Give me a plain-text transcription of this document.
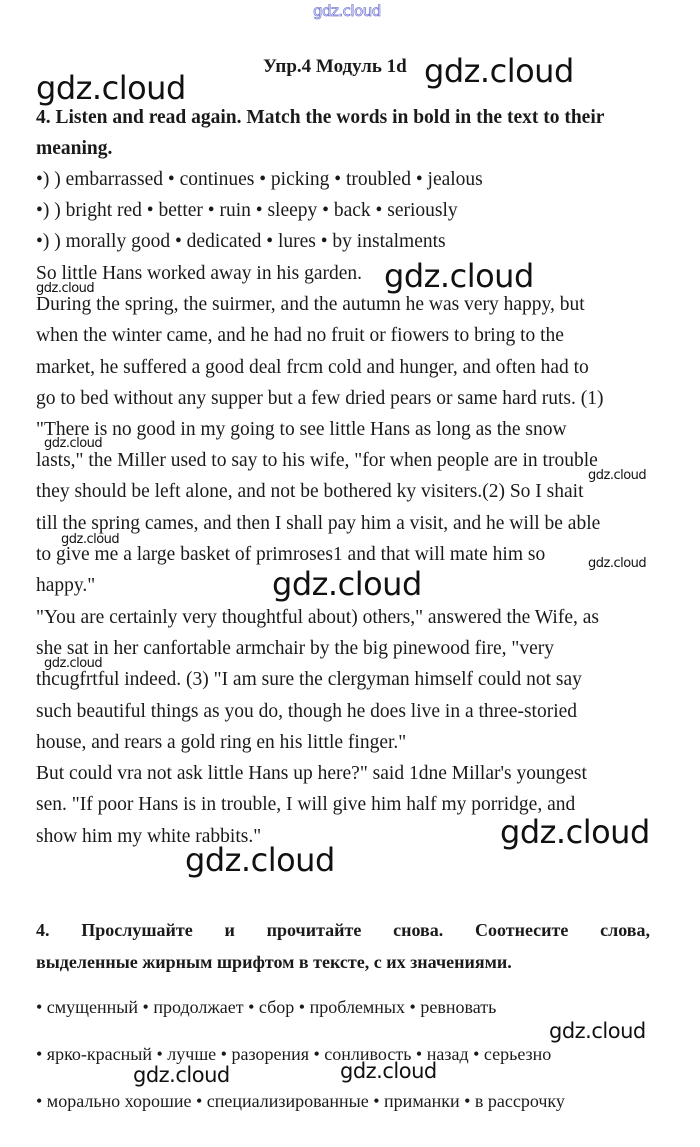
gdz.cloud
Упр.4 Модуль 1d
4. Listen and read again. Match the words in bold in the text to their
meaning.
•) ) embarrassed • continues • picking • troubled • jealous
•) ) bright red • better • ruin • sleepy • back • seriously
•) ) morally good • dedicated • lures • by instalments
So little Hans worked away in his garden.
During the spring, the suirmer, and the autumn he was very happy, but
when the winter came, and he had no fruit or fiowers to bring to the
market, he suffered a good deal frcm cold and hunger, and often had to
go to bed without any supper but a few dried pears or same hard ruts. (1)
"There is no good in my going to see little Hans as long as the snow
lasts," the Miller used to say to his wife, "for when people are in trouble
they should be left alone, and not be bothered ky visiters.(2) So I shait
till the spring cames, and then I shall pay him a visit, and he will be able
to give me a large basket of primroses1 and that will mate him so
happy."
"You are certainly very thoughtful about) others," answered the Wife, as
she sat in her canfortable armchair by the big pinewood fire, "very
thcugfrtful indeed. (3) "I am sure the clergyman himself could not say
such beautiful things as you do, though he does live in a three-storied
house, and rears a gold ring en his little finger."
But could vra not ask little Hans up here?" said 1dne Millar's youngest
sen. "If poor Hans is in trouble, I will give him half my porridge, and
show him my white rabbits."
4. Прослушайте и прочитайте снова. Соотнесите слова,
выделенные жирным шрифтом в тексте, с их значениями.
• смущенный • продолжает • сбор • проблемных • ревновать
• ярко-красный • лучше • разорения • сонливость • назад • серьезно
• морально хорошие • специализированные • приманки • в рассрочку
gdz.cloud	gdz.cloud
gdz.cloud
gdz.cloud
gdz.cloud
gdz.cloud
gdz.cloud
gdz.cloud
gdz.cloud
gdz.cloud
gdz.cloud
gdz.cloud
gdz.cloud
gdz.cloud
gdz.cloud
